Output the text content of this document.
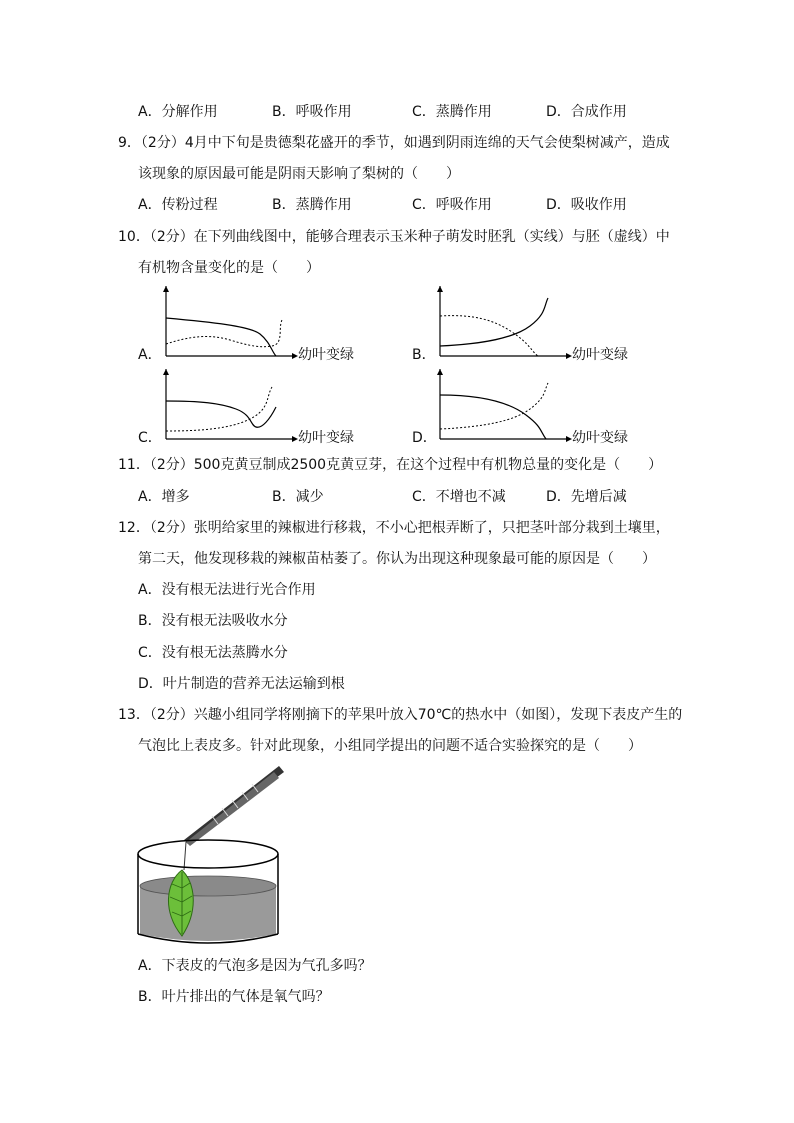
A．分解作用	B．呼吸作用	C．蒸腾作用	D．合成作用
9．（2分）4月中下旬是贵德梨花盛开的季节，如遇到阴雨连绵的天气会使梨树减产，造成
该现象的原因最可能是阴雨天影响了梨树的（　　）
A．传粉过程	B．蒸腾作用	C．呼吸作用	D．吸收作用
10．（2分）在下列曲线图中，能够合理表示玉米种子萌发时胚乳（实线）与胚（虚线）中
有机物含量变化的是（　　）
A．	幼叶变绿	B．	幼叶变绿
C．	幼叶变绿	D．	幼叶变绿
11．（2分）500克黄豆制成2500克黄豆芽，在这个过程中有机物总量的变化是（　　）
A．增多	B．减少	C．不增也不减	D．先增后减
12．（2分）张明给家里的辣椒进行移栽，不小心把根弄断了，只把茎叶部分栽到土壤里，
第二天，他发现移栽的辣椒苗枯萎了。你认为出现这种现象最可能的原因是（　　）
A．没有根无法进行光合作用
B．没有根无法吸收水分
C．没有根无法蒸腾水分
D．叶片制造的营养无法运输到根
13．（2分）兴趣小组同学将刚摘下的苹果叶放入70℃的热水中（如图），发现下表皮产生的
气泡比上表皮多。针对此现象，小组同学提出的问题不适合实验探究的是（　　）
A．下表皮的气泡多是因为气孔多吗？
B．叶片排出的气体是氧气吗？
